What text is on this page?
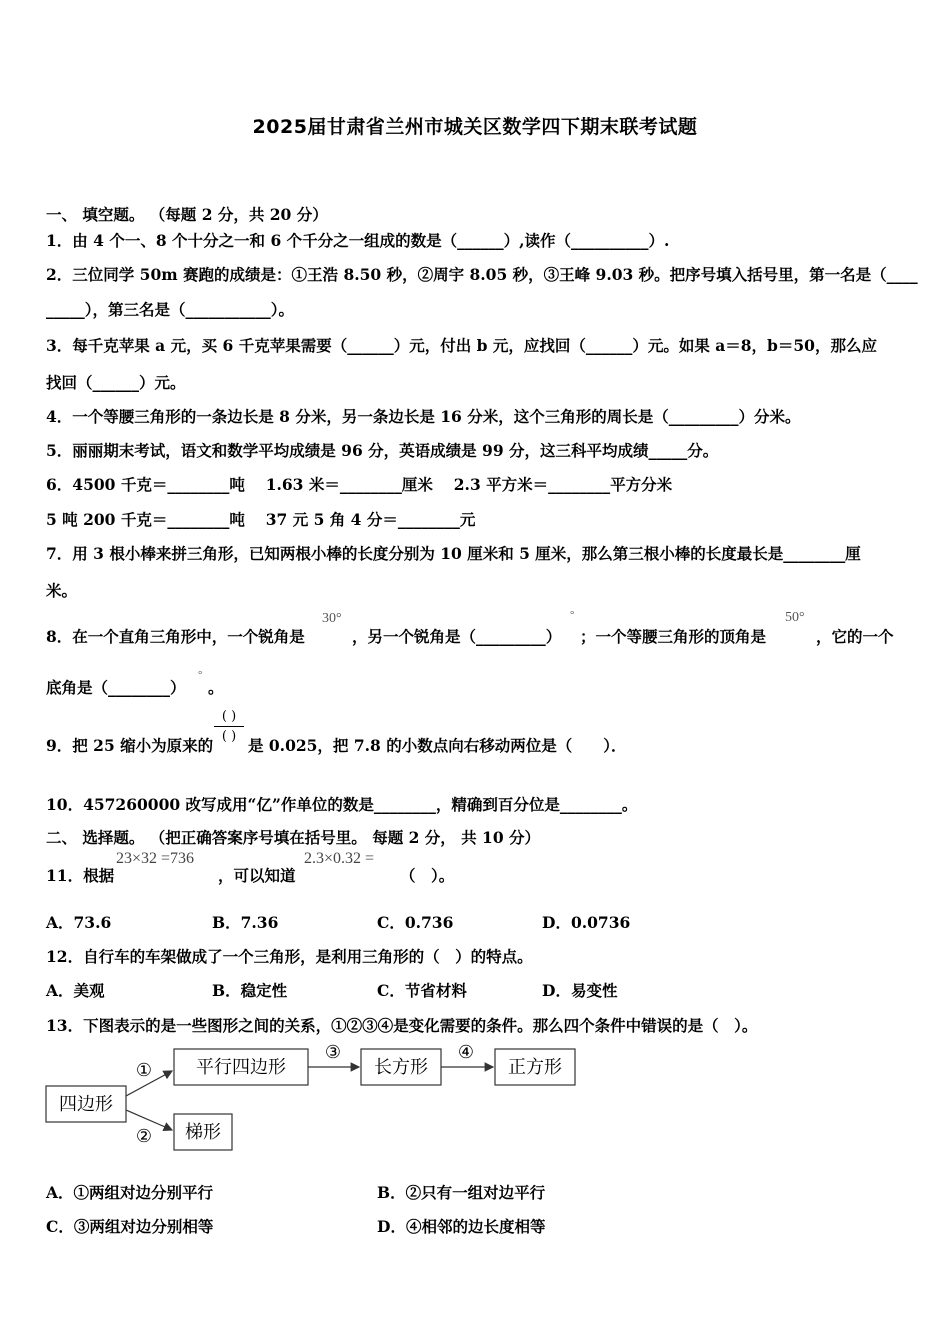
2025届甘肃省兰州市城关区数学四下期末联考试题
一、 填空题。 （每题 2 分，共 20 分）
1．由 4 个一、8 个十分之一和 6 个千分之一组成的数是（______）,读作（__________）.
2．三位同学 50m 赛跑的成绩是：①王浩 8.50 秒，②周宇 8.05 秒，③王峰 9.03 秒。把序号填入括号里，第一名是（____
_____），第三名是（___________）。
3．每千克苹果 a 元，买 6 千克苹果需要（______）元，付出 b 元，应找回（______）元。如果 a＝8，b＝50，那么应
找回（______）元。
4．一个等腰三角形的一条边长是 8 分米，另一条边长是 16 分米，这个三角形的周长是（_________）分米。
5．丽丽期末考试，语文和数学平均成绩是 96 分，英语成绩是 99 分，这三科平均成绩_____分。
6．4500 千克＝________吨　 1.63 米＝________厘米　 2.3 平方米＝________平方分米
5 吨 200 千克＝________吨　 37 元 5 角 4 分＝________元
7．用 3 根小棒来拼三角形，已知两根小棒的长度分别为 10 厘米和 5 厘米，那么第三根小棒的长度最长是________厘
米。
8．在一个直角三角形中，一个锐角是
30°
，另一个锐角是（_________）
°
；一个等腰三角形的顶角是
50°
，它的一个
底角是（________）
°
。
9．把 25 缩小为原来的
( )
( ) 是 0.025，把 7.8 的小数点向右移动两位是（　　）．
10．457260000 改写成用“亿”作单位的数是________，精确到百分位是________。
二、 选择题。 （把正确答案序号填在括号里。 每题 2 分， 共 10 分）
11．根据
23×32 =736
，可以知道
2.3×0.32 =
（　）。
A．73.6	B．7.36	C．0.736	D．0.0736
12．自行车的车架做成了一个三角形，是利用三角形的（　）的特点。
A．美观	B．稳定性	C．节省材料	D．易变性
13．下图表示的是一些图形之间的关系，①②③④是变化需要的条件。那么四个条件中错误的是（　）。
四边形
平行四边形	长方形	正方形
梯形
①
②
③	④
A．①两组对边分别平行	B．②只有一组对边平行
C．③两组对边分别相等	D．④相邻的边长度相等
